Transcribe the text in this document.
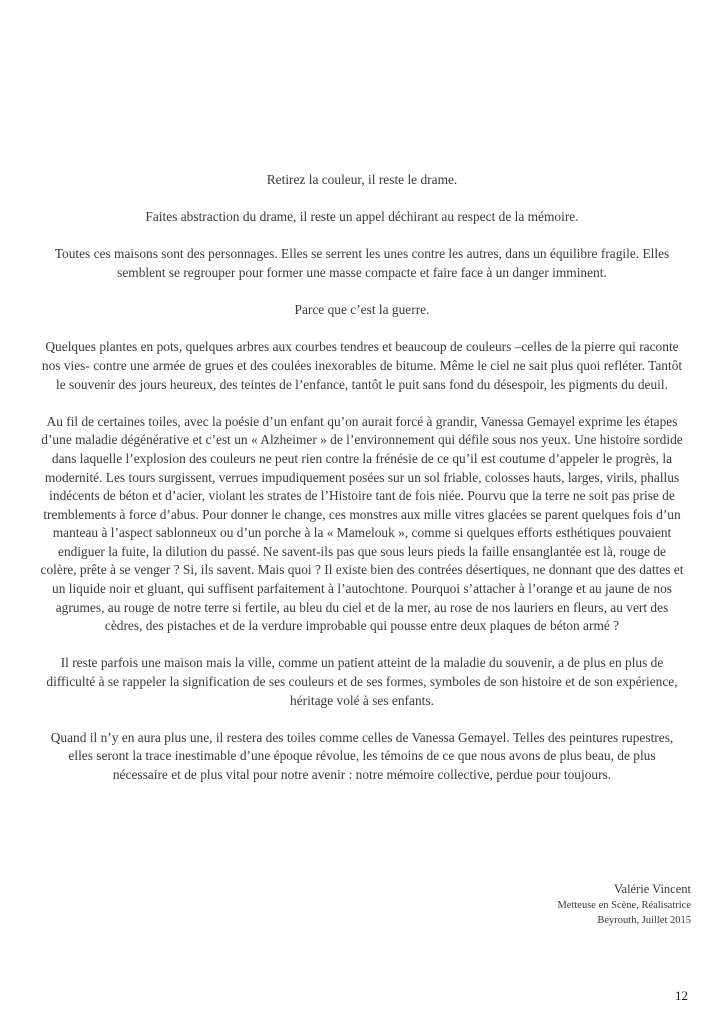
Retirez la couleur, il reste le drame.

Faites abstraction du drame, il reste un appel déchirant au respect de la mémoire.

Toutes ces maisons sont des personnages. Elles se serrent les unes contre les autres, dans un équilibre fragile. Elles semblent se regrouper pour former une masse compacte et faire face à un danger imminent.

Parce que c’est la guerre.

Quelques plantes en pots, quelques arbres aux courbes tendres et beaucoup de couleurs –celles de la pierre qui raconte nos vies- contre une armée de grues et des coulées inexorables de bitume. Même le ciel ne sait plus quoi refléter. Tantôt le souvenir des jours heureux, des teintes de l’enfance, tantôt le puit sans fond du désespoir, les pigments du deuil.

Au fil de certaines toiles, avec la poésie d’un enfant qu’on aurait forcé à grandir, Vanessa Gemayel exprime les étapes d’une maladie dégénérative et c’est un « Alzheimer » de l’environnement qui défile sous nos yeux. Une histoire sordide dans laquelle l’explosion des couleurs ne peut rien contre la frénésie de ce qu’il est coutume d’appeler le progrès, la modernité. Les tours surgissent, verrues impudiquement posées sur un sol friable, colosses hauts, larges, virils, phallus indécents de béton et d’acier, violant les strates de l’Histoire tant de fois niée. Pourvu que la terre ne soit pas prise de tremblements à force d’abus. Pour donner le change, ces monstres aux mille vitres glacées se parent quelques fois d’un manteau à l’aspect sablonneux ou d’un porche à la « Mamelouk », comme si quelques efforts esthétiques pouvaient endiguer la fuite, la dilution du passé. Ne savent-ils pas que sous leurs pieds la faille ensanglantée est là, rouge de colère, prête à se venger ? Si, ils savent. Mais quoi ? Il existe bien des contrées désertiques, ne donnant que des dattes et un liquide noir et gluant, qui suffisent parfaitement à l’autochtone. Pourquoi s’attacher à l’orange et au jaune de nos agrumes, au rouge de notre terre si fertile, au bleu du ciel et de la mer, au rose de nos lauriers en fleurs, au vert des cèdres, des pistaches et de la verdure improbable qui pousse entre deux plaques de béton armé ?

Il reste parfois une maison mais la ville, comme un patient atteint de la maladie du souvenir, a de plus en plus de difficulté à se rappeler la signification de ses couleurs et de ses formes, symboles de son histoire et de son expérience, héritage volé à ses enfants.

Quand il n’y en aura plus une, il restera des toiles comme celles de Vanessa Gemayel. Telles des peintures rupestres, elles seront la trace inestimable d’une époque révolue, les témoins de ce que nous avons de plus beau, de plus nécessaire et de plus vital pour notre avenir : notre mémoire collective, perdue pour toujours.

Valérie Vincent
Metteuse en Scène, Réalisatrice
Beyrouth, Juillet 2015
12
